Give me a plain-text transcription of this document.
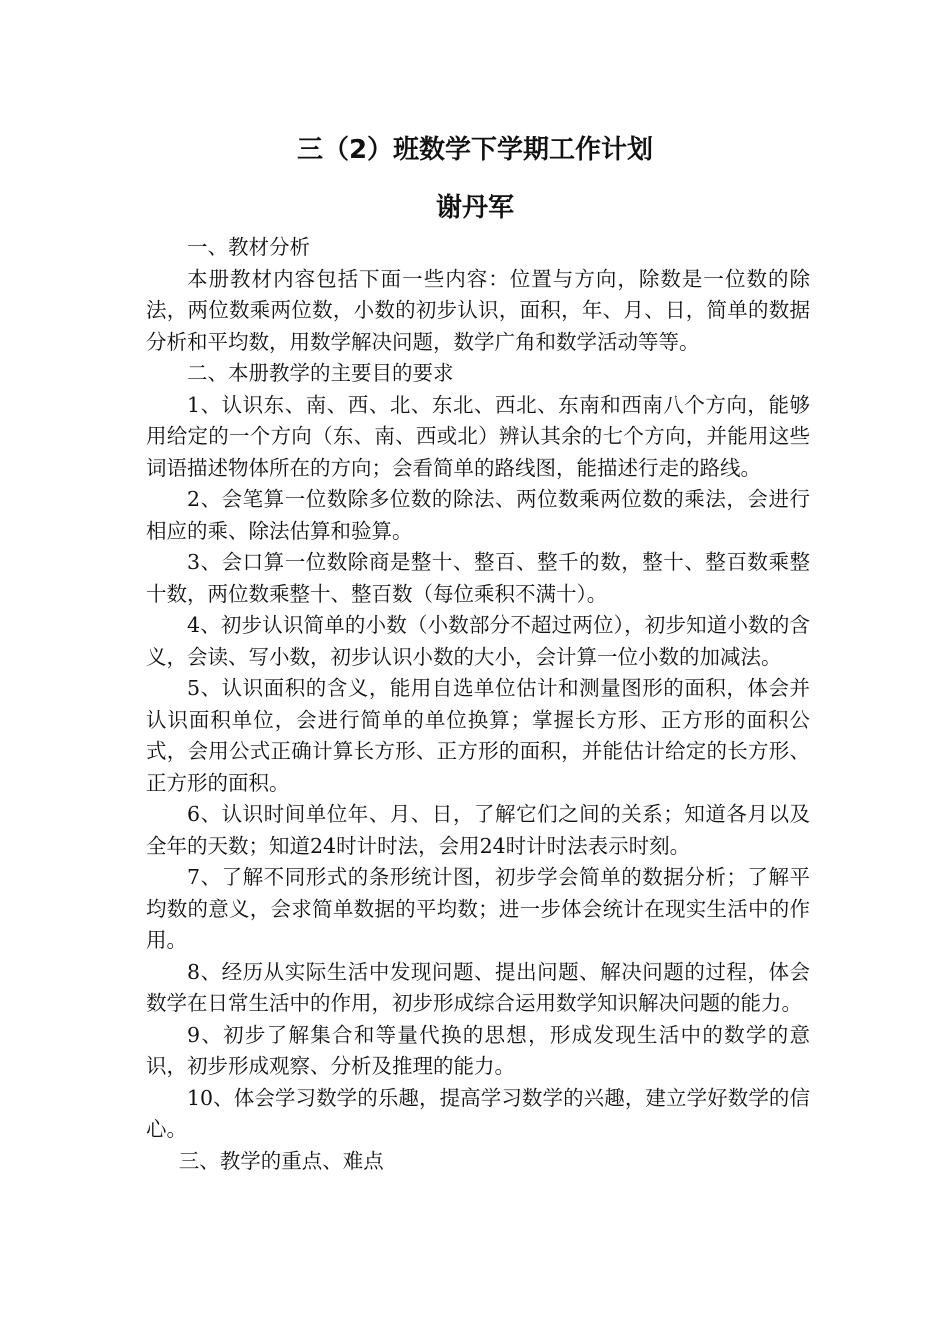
三（2）班数学下学期工作计划
谢丹军

一、教材分析

本册教材内容包括下面一些内容：位置与方向，除数是一位数的除法，两位数乘两位数，小数的初步认识，面积，年、月、日，简单的数据分析和平均数，用数学解决问题，数学广角和数学活动等等。

二、本册教学的主要目的要求

1、认识东、南、西、北、东北、西北、东南和西南八个方向，能够用给定的一个方向（东、南、西或北）辨认其余的七个方向，并能用这些词语描述物体所在的方向；会看简单的路线图，能描述行走的路线。

2、会笔算一位数除多位数的除法、两位数乘两位数的乘法，会进行相应的乘、除法估算和验算。

3、会口算一位数除商是整十、整百、整千的数，整十、整百数乘整十数，两位数乘整十、整百数（每位乘积不满十）。

4、初步认识简单的小数（小数部分不超过两位），初步知道小数的含义，会读、写小数，初步认识小数的大小，会计算一位小数的加减法。

5、认识面积的含义，能用自选单位估计和测量图形的面积，体会并认识面积单位，会进行简单的单位换算；掌握长方形、正方形的面积公式，会用公式正确计算长方形、正方形的面积，并能估计给定的长方形、正方形的面积。

6、认识时间单位年、月、日，了解它们之间的关系；知道各月以及全年的天数；知道24时计时法，会用24时计时法表示时刻。

7、了解不同形式的条形统计图，初步学会简单的数据分析；了解平均数的意义，会求简单数据的平均数；进一步体会统计在现实生活中的作用。

8、经历从实际生活中发现问题、提出问题、解决问题的过程，体会数学在日常生活中的作用，初步形成综合运用数学知识解决问题的能力。

9、初步了解集合和等量代换的思想，形成发现生活中的数学的意识，初步形成观察、分析及推理的能力。

10、体会学习数学的乐趣，提高学习数学的兴趣，建立学好数学的信心。

三、教学的重点、难点
